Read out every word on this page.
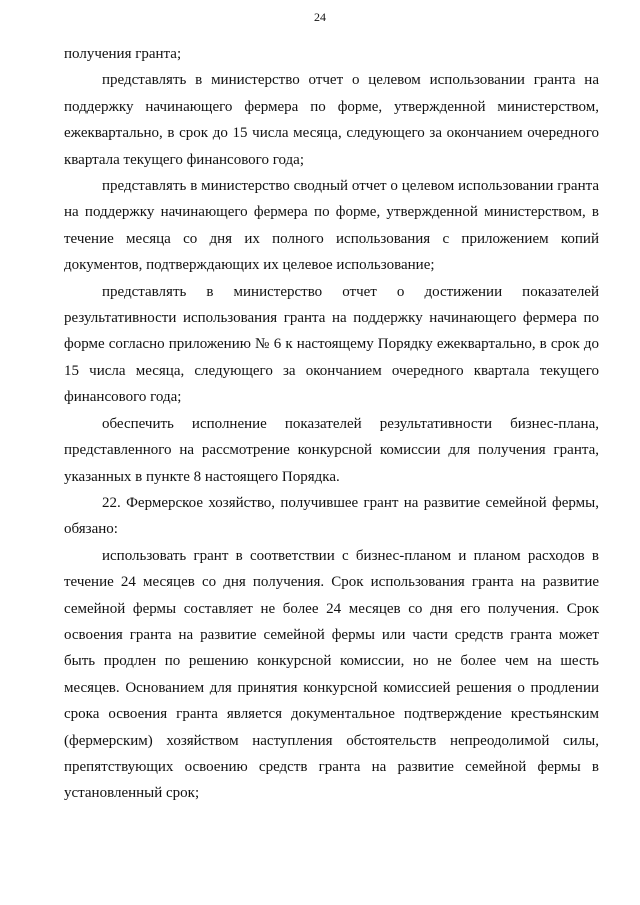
24

получения гранта;

представлять в министерство отчет о целевом использовании гранта на поддержку начинающего фермера по форме, утвержденной министерством, ежеквартально, в срок до 15 числа месяца, следующего за окончанием очередного квартала текущего финансового года;

представлять в министерство сводный отчет о целевом использовании гранта на поддержку начинающего фермера по форме, утвержденной министерством, в течение месяца со дня их полного использования с приложением копий документов, подтверждающих их целевое использование;

представлять в министерство отчет о достижении показателей результативности использования гранта на поддержку начинающего фермера по форме согласно приложению № 6 к настоящему Порядку ежеквартально, в срок до 15 числа месяца, следующего за окончанием очередного квартала текущего финансового года;

обеспечить исполнение показателей результативности бизнес-плана, представленного на рассмотрение конкурсной комиссии для получения гранта, указанных в пункте 8 настоящего Порядка.

22. Фермерское хозяйство, получившее грант на развитие семейной фермы, обязано:

использовать грант в соответствии с бизнес-планом и планом расходов в течение 24 месяцев со дня получения. Срок использования гранта на развитие семейной фермы составляет не более 24 месяцев со дня его получения. Срок освоения гранта на развитие семейной фермы или части средств гранта может быть продлен по решению конкурсной комиссии, но не более чем на шесть месяцев. Основанием для принятия конкурсной комиссией решения о продлении срока освоения гранта является документальное подтверждение крестьянским (фермерским) хозяйством наступления обстоятельств непреодолимой силы, препятствующих освоению средств гранта на развитие семейной фермы в установленный срок;
